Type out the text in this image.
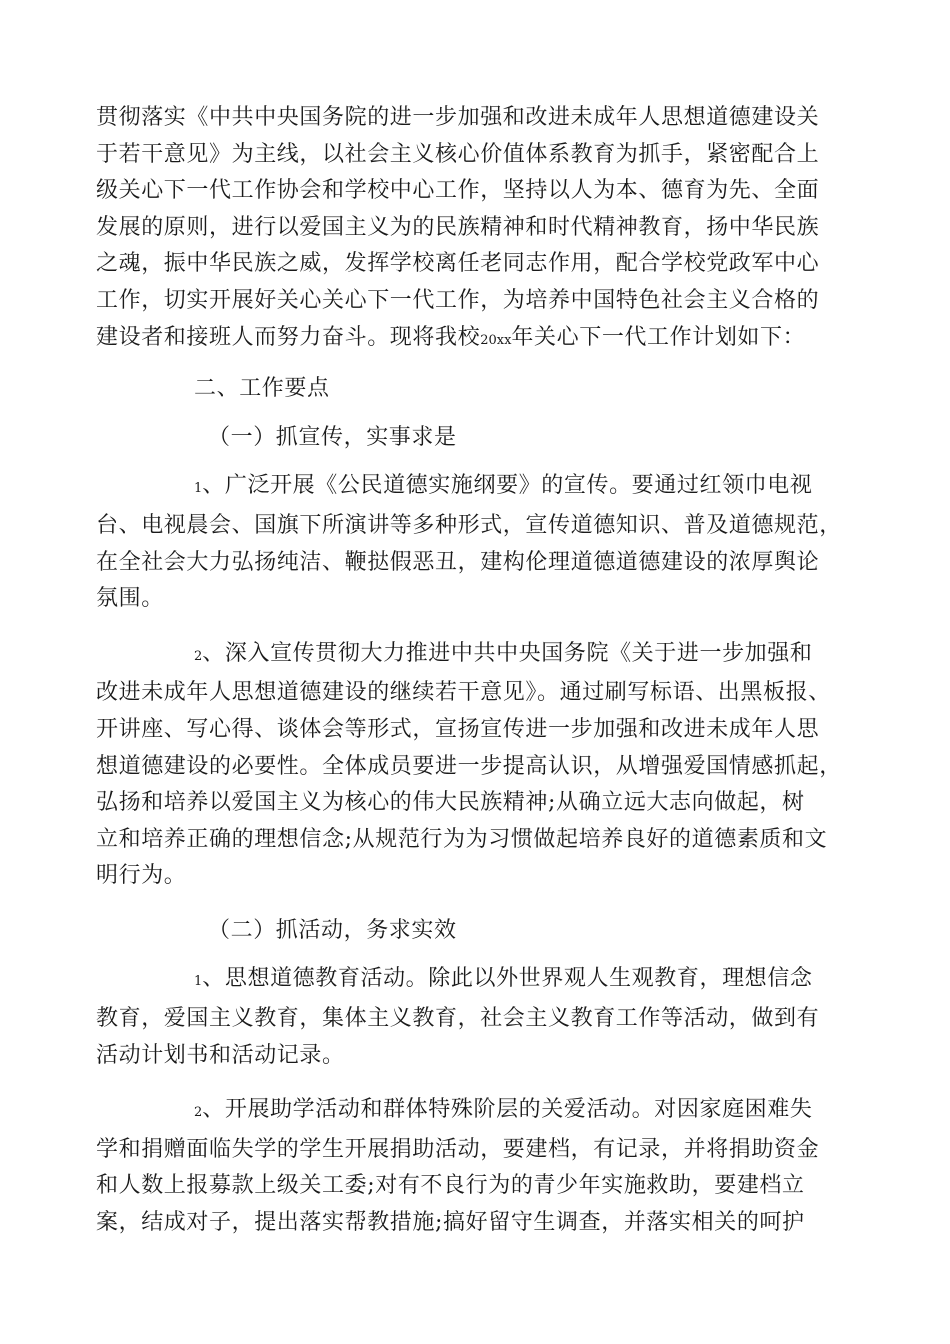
贯彻落实《中共中央国务院的进一步加强和改进未成年人思想道德建设关
于若干意见》为主线，以社会主义核心价值体系教育为抓手，紧密配合上
级关心下一代工作协会和学校中心工作，坚持以人为本、德育为先、全面
发展的原则，进行以爱国主义为的民族精神和时代精神教育，扬中华民族
之魂，振中华民族之威，发挥学校离任老同志作用，配合学校党政军中心
工作，切实开展好关心关心下一代工作，为培养中国特色社会主义合格的
建设者和接班人而努力奋斗。现将我校20xx年关心下一代工作计划如下：
二、工作要点
（一）抓宣传，实事求是
1、广泛开展《公民道德实施纲要》的宣传。要通过红领巾电视
台、电视晨会、国旗下所演讲等多种形式，宣传道德知识、普及道德规范，
在全社会大力弘扬纯洁、鞭挞假恶丑，建构伦理道德道德建设的浓厚舆论
氛围。
2、深入宣传贯彻大力推进中共中央国务院《关于进一步加强和
改进未成年人思想道德建设的继续若干意见》。通过刷写标语、出黑板报、
开讲座、写心得、谈体会等形式，宣扬宣传进一步加强和改进未成年人思
想道德建设的必要性。全体成员要进一步提高认识，从增强爱国情感抓起，
弘扬和培养以爱国主义为核心的伟大民族精神;从确立远大志向做起，树
立和培养正确的理想信念;从规范行为为习惯做起培养良好的道德素质和文
明行为。
（二）抓活动，务求实效
1、思想道德教育活动。除此以外世界观人生观教育，理想信念
教育，爱国主义教育，集体主义教育，社会主义教育工作等活动，做到有
活动计划书和活动记录。
2、开展助学活动和群体特殊阶层的关爱活动。对因家庭困难失
学和捐赠面临失学的学生开展捐助活动，要建档，有记录，并将捐助资金
和人数上报募款上级关工委;对有不良行为的青少年实施救助，要建档立
案，结成对子，提出落实帮教措施;搞好留守生调查，并落实相关的呵护
